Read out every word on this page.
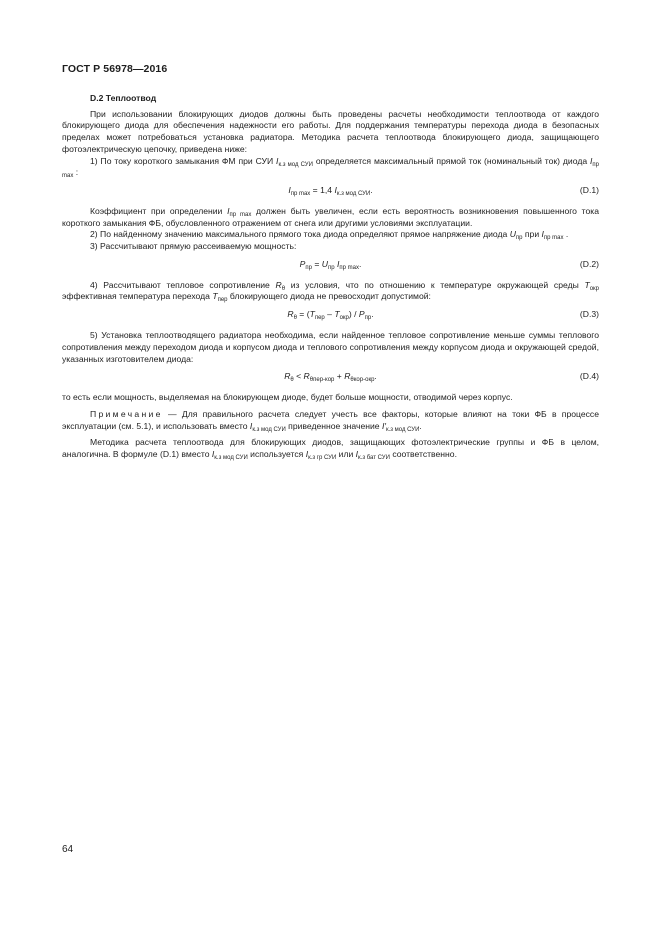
ГОСТ Р 56978—2016
D.2 Теплоотвод

При использовании блокирующих диодов должны быть проведены расчеты необходимости теплоотвода от каждого блокирующего диода для обеспечения надежности его работы. Для поддержания температуры перехода диода в безопасных пределах может потребоваться установка радиатора. Методика расчета теплоотвода блокирующего диода, защищающего фотоэлектрическую цепочку, приведена ниже:

1) По току короткого замыкания ФМ при СУИ $I_{к.з мод СУИ}$ определяется максимальный прямой ток (номинальный ток) диода $I_{пр max}$ :

$I_{пр max} = 1,4$ $I_{к.з мод СУИ}$.	(D.1)

Коэффициент при определении $I_{пр max}$ должен быть увеличен, если есть вероятность возникновения повышенного тока короткого замыкания ФБ, обусловленного отражением от снега или другими условиями эксплуатации.

2) По найденному значению максимального прямого тока диода определяют прямое напряжение диода $U_{пр}$ при $I_{пр max}$ .

3) Рассчитывают прямую рассеиваемую мощность:

$P_{пр} = U_{пр}$ $I_{пр max}$.	(D.2)

4) Рассчитывают тепловое сопротивление $R_\theta$ из условия, что по отношению к температуре окружающей среды $T_{окр}$ эффективная температура перехода $T_{пер}$ блокирующего диода не превосходит допустимой:

$R_\theta = (T_{пер} - T_{окр}) / P_{пр}$.	(D.3)

5) Установка теплоотводящего радиатора необходима, если найденное тепловое сопротивление меньше суммы теплового сопротивления между переходом диода и корпусом диода и теплового сопротивления между корпусом диода и окружающей средой, указанных изготовителем диода:

$R_\theta < R_{\theta пер-кор} + R_{\theta кор-окр}$.	(D.4)

то есть если мощность, выделяемая на блокирующем диоде, будет больше мощности, отводимой через корпус.

Примечание — Для правильного расчета следует учесть все факторы, которые влияют на токи ФБ в процессе эксплуатации (см. 5.1), и использовать вместо $I_{к.з мод СУИ}$ приведенное значение $I'_{к.з мод СУИ}$.

Методика расчета теплоотвода для блокирующих диодов, защищающих фотоэлектрические группы и ФБ в целом, аналогична. В формуле (D.1) вместо $I_{к.з мод СУИ}$ используется $I_{к.з гр СУИ}$ или $I_{к.з бат СУИ}$ соответственно.

64
